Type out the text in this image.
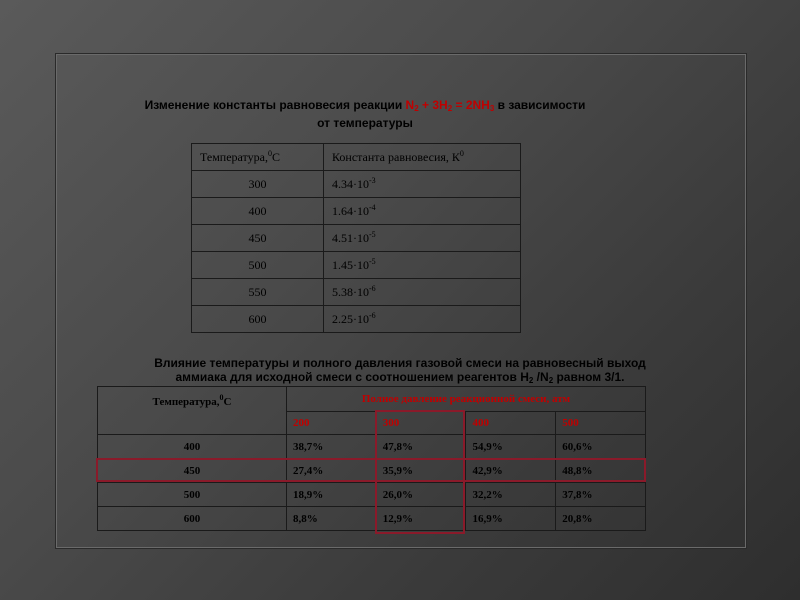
Изменение константы равновесия реакции $N_2 + 3H_2 = 2NH_3$ в зависимости
от температуры
Температура,$^0$С	Константа равновесия, $К^0$
300	$4.34\cdot 10^{-3}$
400	$1.64\cdot 10^{-4}$
450	$4.51\cdot 10^{-5}$
500	$1.45\cdot 10^{-5}$
550	$5.38\cdot 10^{-6}$
600	$2.25\cdot 10^{-6}$
Влияние температуры и полного давления газовой смеси на равновесный выход
аммиака для исходной смеси с соотношением реагентов $H_2$ $/N_2$ равном 3/1.
Температура,$^0$С	Полное давление реакционной смеси, атм			
	200	300	400	500
400	38,7%	47,8%	54,9%	60,6%
450	27,4%	35,9%	42,9%	48,8%
500	18,9%	26,0%	32,2%	37,8%
600	8,8%	12,9%	16,9%	20,8%
